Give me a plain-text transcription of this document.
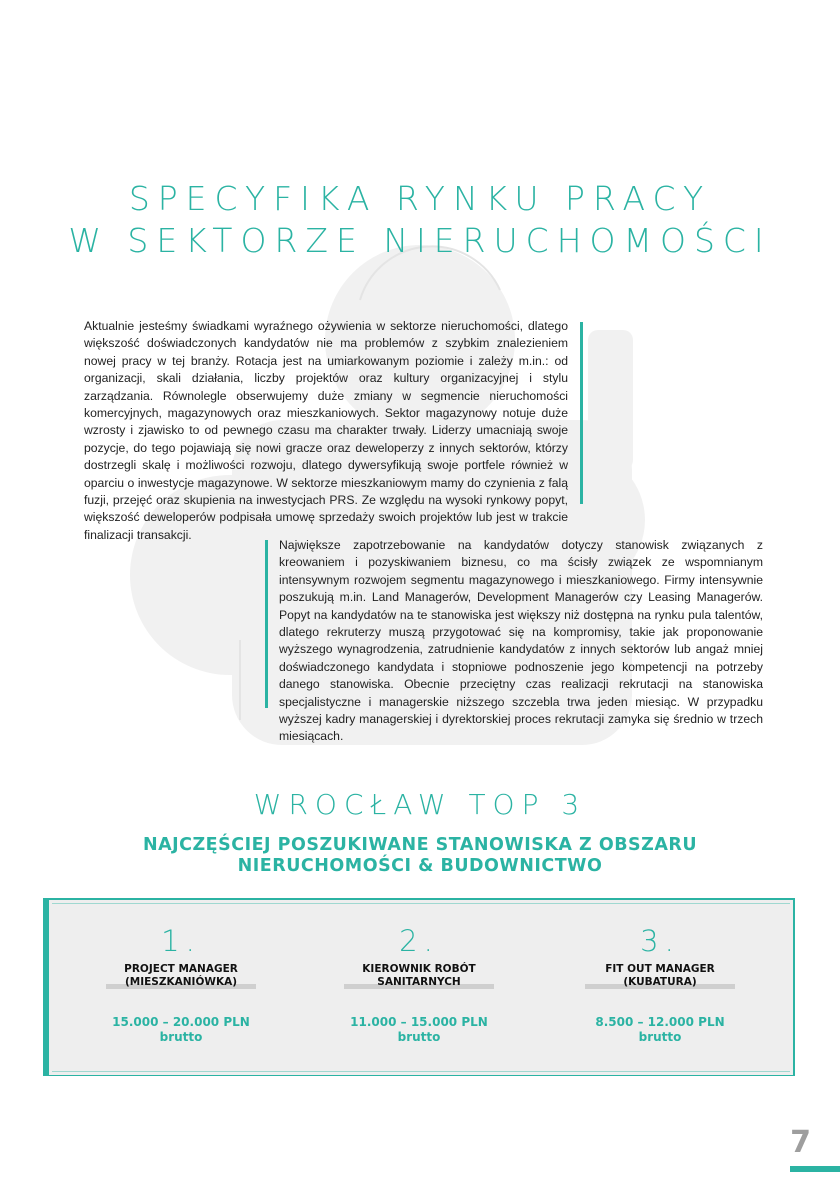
SPECYFIKA RYNKU PRACY
W SEKTORZE NIERUCHOMOŚCI
Aktualnie jesteśmy świadkami wyraźnego ożywienia w sektorze nieruchomości, dlatego większość doświadczonych kandydatów nie ma problemów z szybkim znalezieniem nowej pracy w tej branży. Rotacja jest na umiarkowanym poziomie i zależy m.in.: od organizacji, skali działania, liczby projektów oraz kultury organizacyjnej i stylu zarządzania. Równolegle obserwujemy duże zmiany w segmencie nieruchomości komercyjnych, magazynowych oraz mieszkaniowych. Sektor magazynowy notuje duże wzrosty i zjawisko to od pewnego czasu ma charakter trwały. Liderzy umacniają swoje pozycje, do tego pojawiają się nowi gracze oraz deweloperzy z innych sektorów, którzy dostrzegli skalę i możliwości rozwoju, dlatego dywersyfikują swoje portfele również w oparciu o inwestycje magazynowe. W sektorze mieszkaniowym mamy do czynienia z falą fuzji, przejęć oraz skupienia na inwestycjach PRS. Ze względu na wysoki rynkowy popyt, większość deweloperów podpisała umowę sprzedaży swoich projektów lub jest w trakcie finalizacji transakcji.
Największe zapotrzebowanie na kandydatów dotyczy stanowisk związanych z kreowaniem i pozyskiwaniem biznesu, co ma ścisły związek ze wspomnianym intensywnym rozwojem segmentu magazynowego i mieszkaniowego. Firmy intensywnie poszukują m.in. Land Managerów, Development Managerów czy Leasing Managerów. Popyt na kandydatów na te stanowiska jest większy niż dostępna na rynku pula talentów, dlatego rekruterzy muszą przygotować się na kompromisy, takie jak proponowanie wyższego wynagrodzenia, zatrudnienie kandydatów z innych sektorów lub angaż mniej doświadczonego kandydata i stopniowe podnoszenie jego kompetencji na potrzeby danego stanowiska. Obecnie przeciętny czas realizacji rekrutacji na stanowiska specjalistyczne i managerskie niższego szczebla trwa jeden miesiąc. W przypadku wyższej kadry managerskiej i dyrektorskiej proces rekrutacji zamyka się średnio w trzech miesiącach.
WROCŁAW TOP 3
NAJCZĘŚCIEJ POSZUKIWANE STANOWISKA Z OBSZARU
NIERUCHOMOŚCI & BUDOWNICTWO
1.
PROJECT MANAGER
(MIESZKANIÓWKA)
15.000 – 20.000 PLN
brutto
2.
KIEROWNIK ROBÓT
SANITARNYCH
11.000 – 15.000 PLN
brutto
3.
FIT OUT MANAGER
(KUBATURA)
8.500 – 12.000 PLN
brutto
7
